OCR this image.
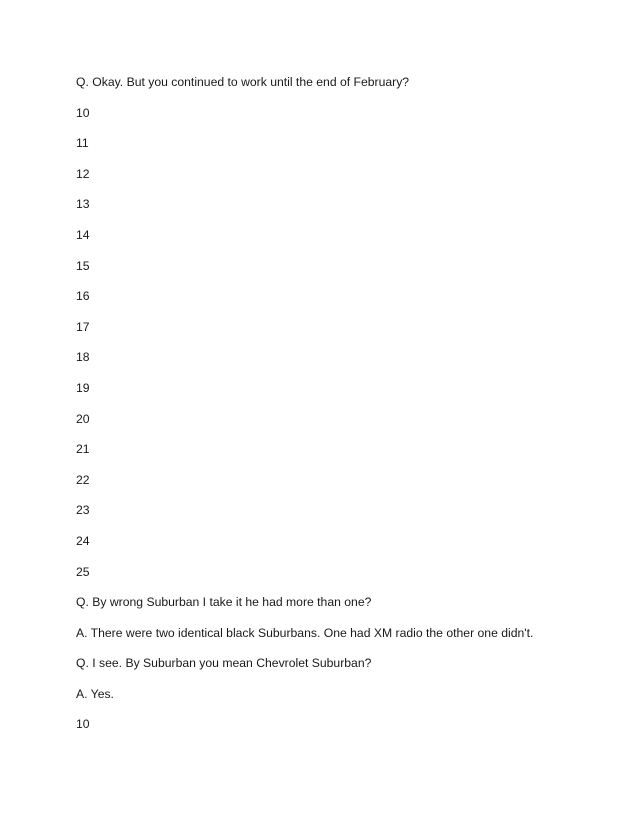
Q. Okay. But you continued to work until the end of February?
10
11
12
13
14
15
16
17
18
19
20
21
22
23
24
25
Q. By wrong Suburban I take it he had more than one?
A. There were two identical black Suburbans. One had XM radio the other one didn't.
Q. I see. By Suburban you mean Chevrolet Suburban?
A. Yes.
10
